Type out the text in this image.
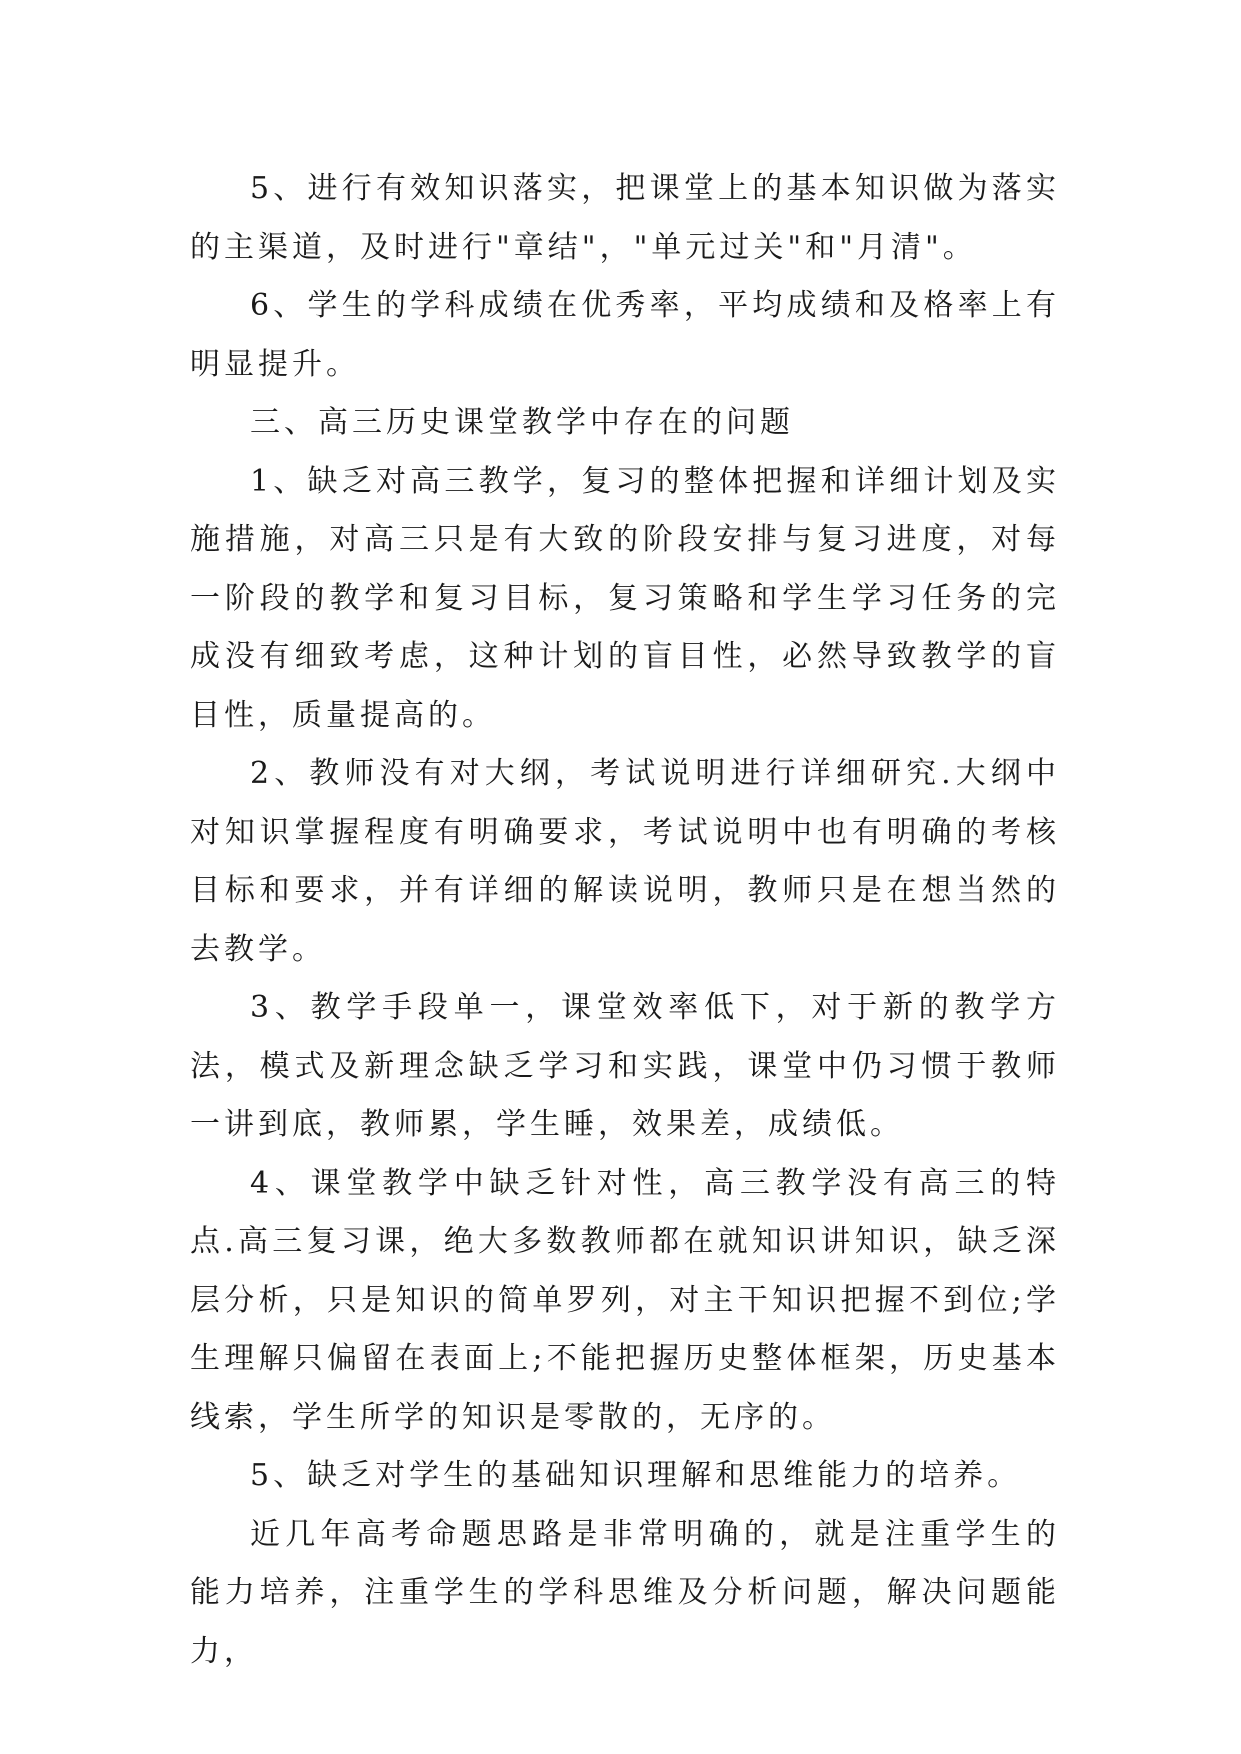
5、进行有效知识落实，把课堂上的基本知识做为落实的主渠道，及时进行"章结"，"单元过关"和"月清"。

6、学生的学科成绩在优秀率，平均成绩和及格率上有明显提升。

三、高三历史课堂教学中存在的问题

1、缺乏对高三教学，复习的整体把握和详细计划及实施措施，对高三只是有大致的阶段安排与复习进度，对每一阶段的教学和复习目标，复习策略和学生学习任务的完成没有细致考虑，这种计划的盲目性，必然导致教学的盲目性，质量提高的。

2、教师没有对大纲，考试说明进行详细研究.大纲中对知识掌握程度有明确要求，考试说明中也有明确的考核目标和要求，并有详细的解读说明，教师只是在想当然的去教学。

3、教学手段单一，课堂效率低下，对于新的教学方法，模式及新理念缺乏学习和实践，课堂中仍习惯于教师一讲到底，教师累，学生睡，效果差，成绩低。

4、课堂教学中缺乏针对性，高三教学没有高三的特点.高三复习课，绝大多数教师都在就知识讲知识，缺乏深层分析，只是知识的简单罗列，对主干知识把握不到位;学生理解只偏留在表面上;不能把握历史整体框架，历史基本线索，学生所学的知识是零散的，无序的。

5、缺乏对学生的基础知识理解和思维能力的培养。

近几年高考命题思路是非常明确的，就是注重学生的能力培养，注重学生的学科思维及分析问题，解决问题能力，
